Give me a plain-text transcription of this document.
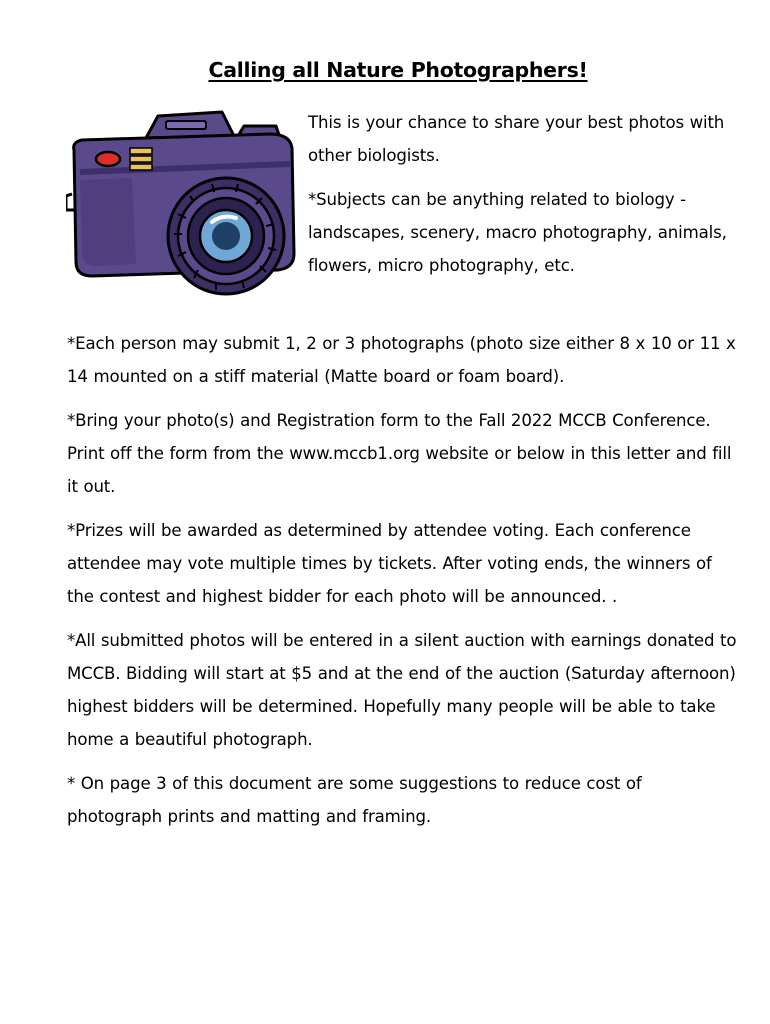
Calling all Nature Photographers!

This is your chance to share your best photos with other biologists.

*Subjects can be anything related to biology - landscapes, scenery, macro photography, animals, flowers, micro photography, etc.

*Each person may submit 1, 2 or 3 photographs (photo size either 8 x 10 or 11 x 14 mounted on a stiff material (Matte board or foam board).

*Bring your photo(s) and Registration form to the Fall 2022 MCCB Conference. Print off the form from the www.mccb1.org website or below in this letter and fill it out.

*Prizes will be awarded as determined by attendee voting. Each conference attendee may vote multiple times by tickets. After voting ends, the winners of the contest and highest bidder for each photo will be announced. .

*All submitted photos will be entered in a silent auction with earnings donated to MCCB. Bidding will start at $5 and at the end of the auction (Saturday afternoon) highest bidders will be determined. Hopefully many people will be able to take home a beautiful photograph.

* On page 3 of this document are some suggestions to reduce cost of photograph prints and matting and framing.
